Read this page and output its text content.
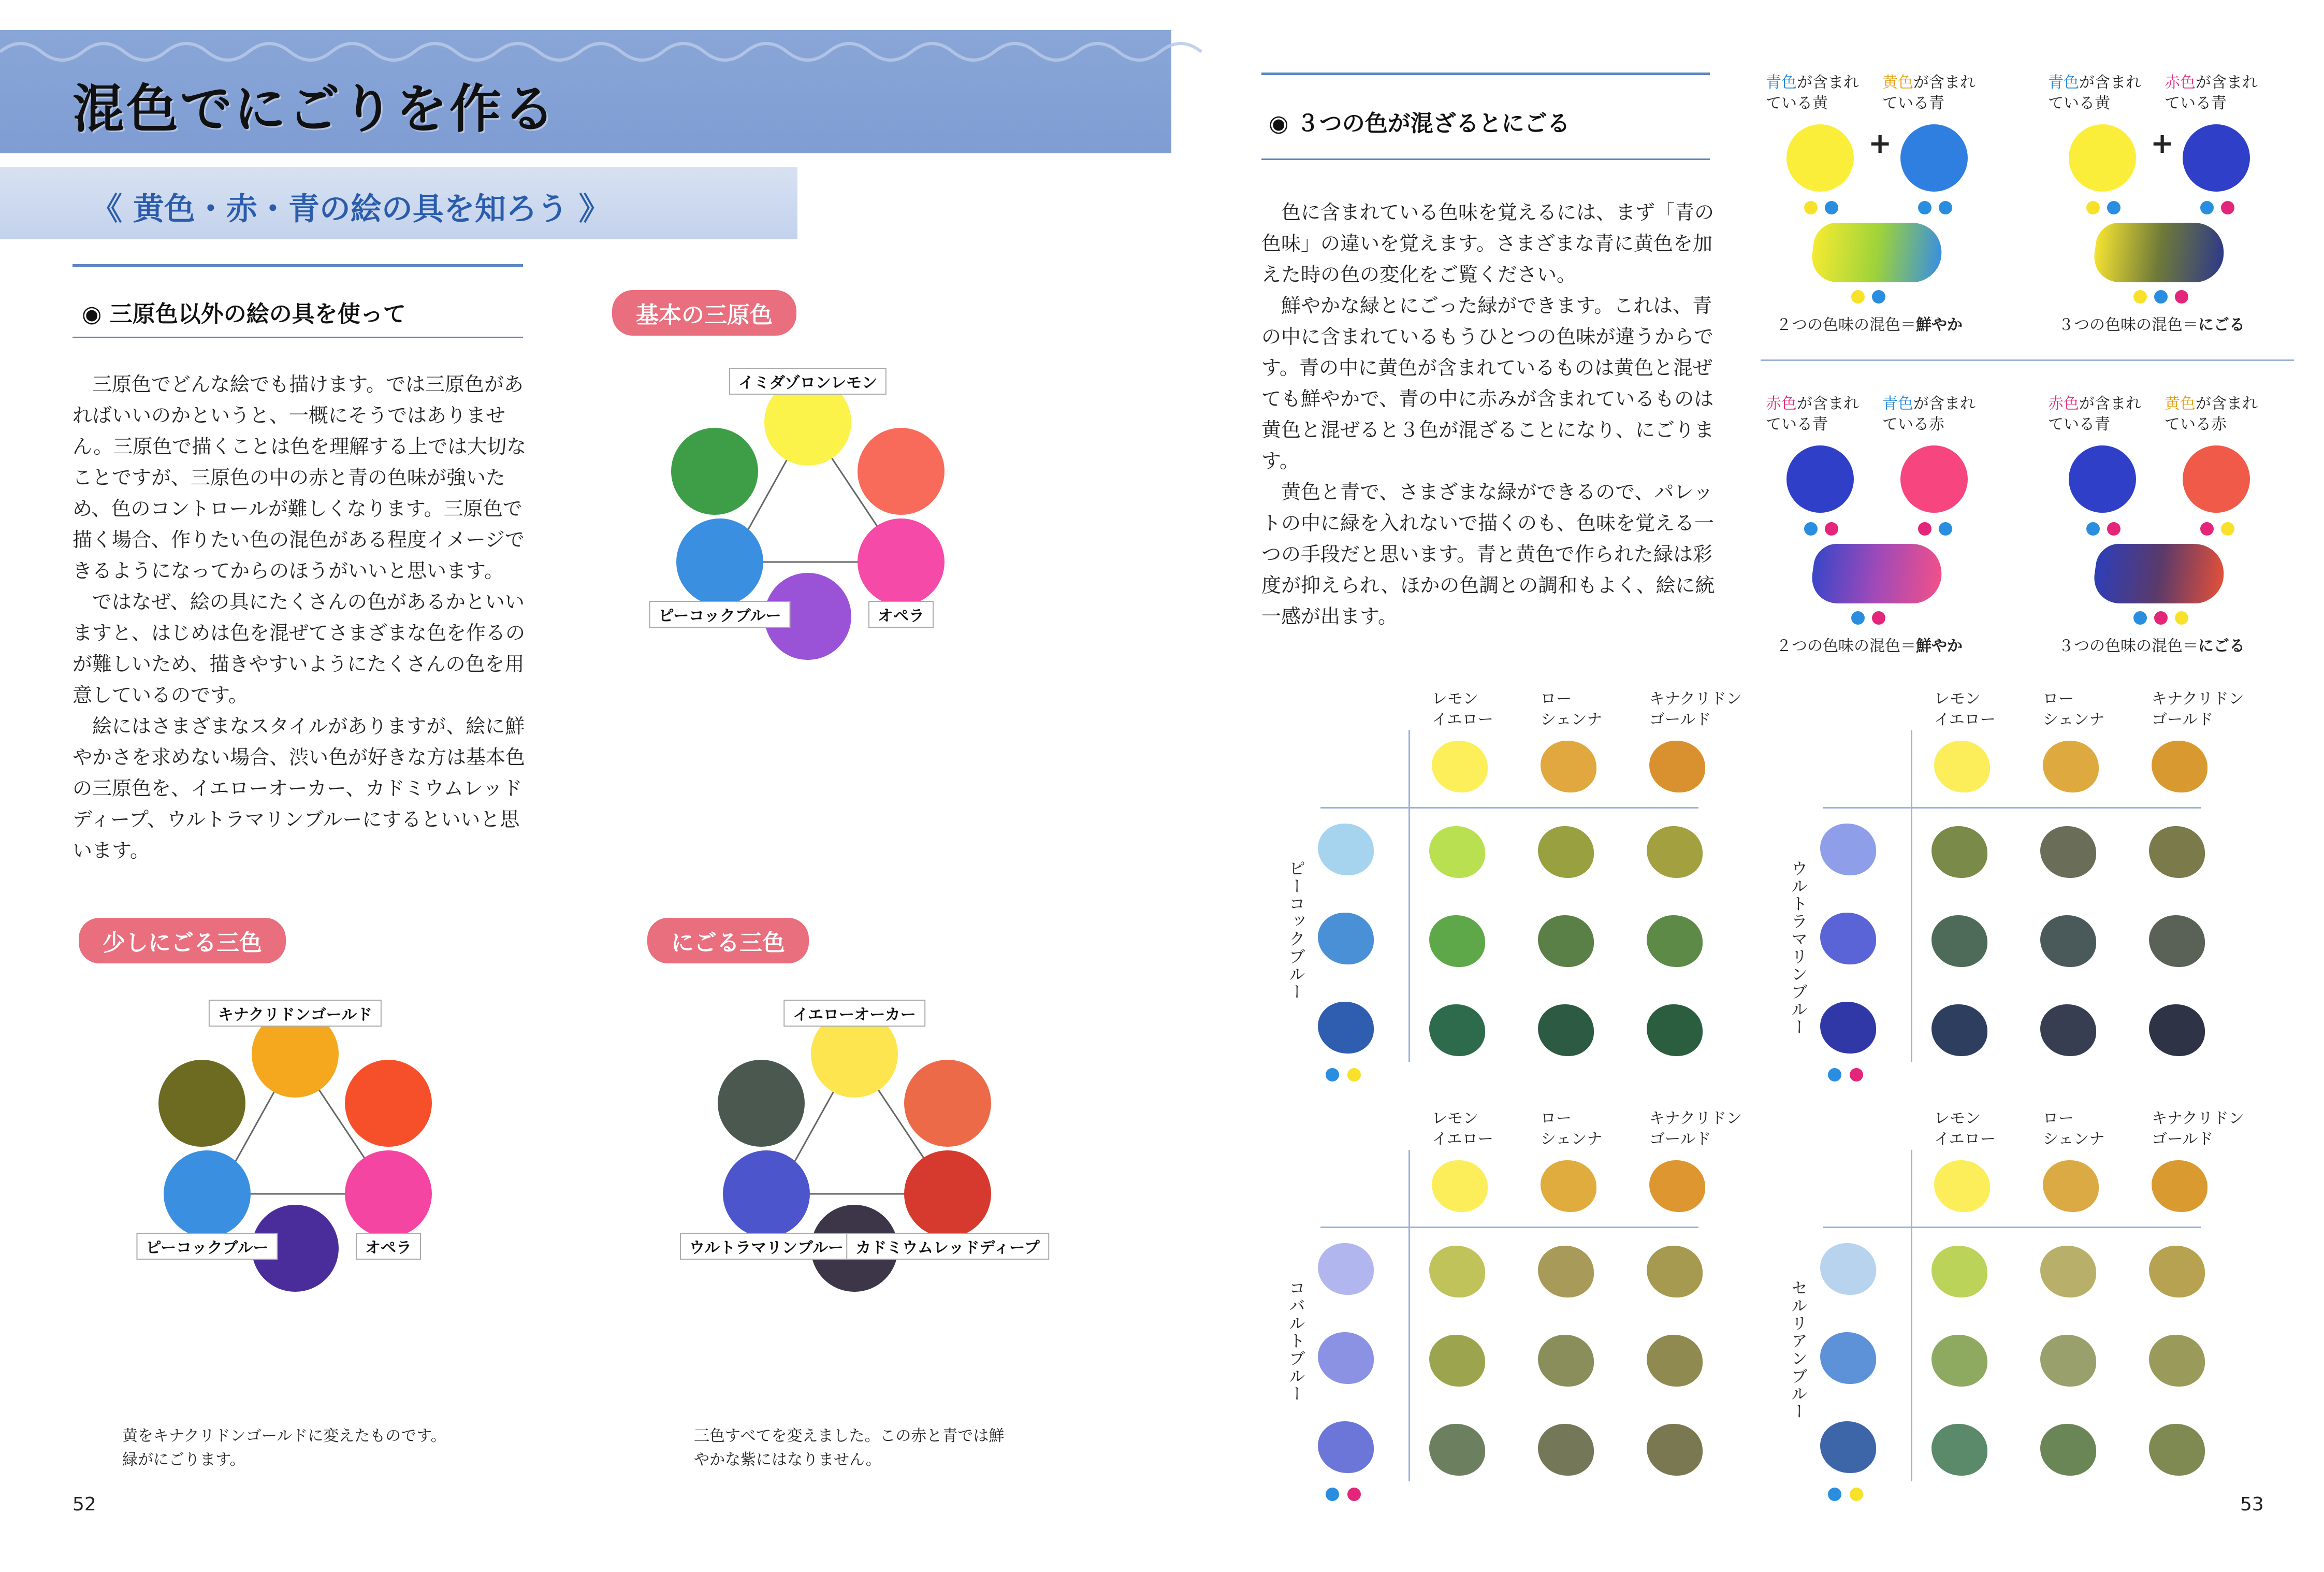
混色でにごりを作る
《 黄色・赤・青の絵の具を知ろう 》
◉ 三原色以外の絵の具を使って
　三原色でどんな絵でも描けます。では三原色があればいいのかというと、一概にそうではありません。三原色で描くことは色を理解する上では大切なことですが、三原色の中の赤と青の色味が強いため、色のコントロールが難しくなります。三原色で描く場合、作りたい色の混色がある程度イメージできるようになってからのほうがいいと思います。
　ではなぜ、絵の具にたくさんの色があるかといいますと、はじめは色を混ぜてさまざまな色を作るのが難しいため、描きやすいようにたくさんの色を用意しているのです。
　絵にはさまざまなスタイルがありますが、絵に鮮やかさを求めない場合、渋い色が好きな方は基本色の三原色を、イエローオーカー、カドミウムレッドディープ、ウルトラマリンブルーにするといいと思います。
基本の三原色
イミダゾロンレモン
ピーコックブルー	オペラ
少しにごる三色
キナクリドンゴールド
ピーコックブルー	オペラ
黄をキナクリドンゴールドに変えたものです。
緑がにごります。
にごる三色
イエローオーカー
ウルトラマリンブルー カドミウムレッドディープ
三色すべてを変えました。この赤と青では鮮
やかな紫にはなりません。
52
◉ ３つの色が混ざるとにごる
　色に含まれている色味を覚えるには、まず「青の色味」の違いを覚えます。さまざまな青に黄色を加えた時の色の変化をご覧ください。
　鮮やかな緑とにごった緑ができます。これは、青の中に含まれているもうひとつの色味が違うからです。青の中に黄色が含まれているものは黄色と混ぜても鮮やかで、青の中に赤みが含まれているものは黄色と混ぜると３色が混ざることになり、にごります。
　黄色と青で、さまざまな緑ができるので、パレットの中に緑を入れないで描くのも、色味を覚える一つの手段だと思います。青と黄色で作られた緑は彩度が抑えられ、ほかの色調との調和もよく、絵に統一感が出ます。
青色が含まれ
ている黄
黄色が含まれ
ている青
+
２つの色味の混色＝鮮やか
青色が含まれ
ている黄
赤色が含まれ
ている青
+
３つの色味の混色＝にごる
赤色が含まれ
ている青
青色が含まれ
ている赤
２つの色味の混色＝鮮やか
赤色が含まれ
ている青
黄色が含まれ
ている赤
３つの色味の混色＝にごる
レモン
イエロー
ロー
シェンナ
キナクリドン
ゴールド
ピーコックブルー
レモン
イエロー
ロー
シェンナ
キナクリドン
ゴールド
ウルトラマリンブルー
レモン
イエロー
ロー
シェンナ
キナクリドン
ゴールド
コバルトブルー
レモン
イエロー
ロー
シェンナ
キナクリドン
ゴールド
セルリアンブルー
53
